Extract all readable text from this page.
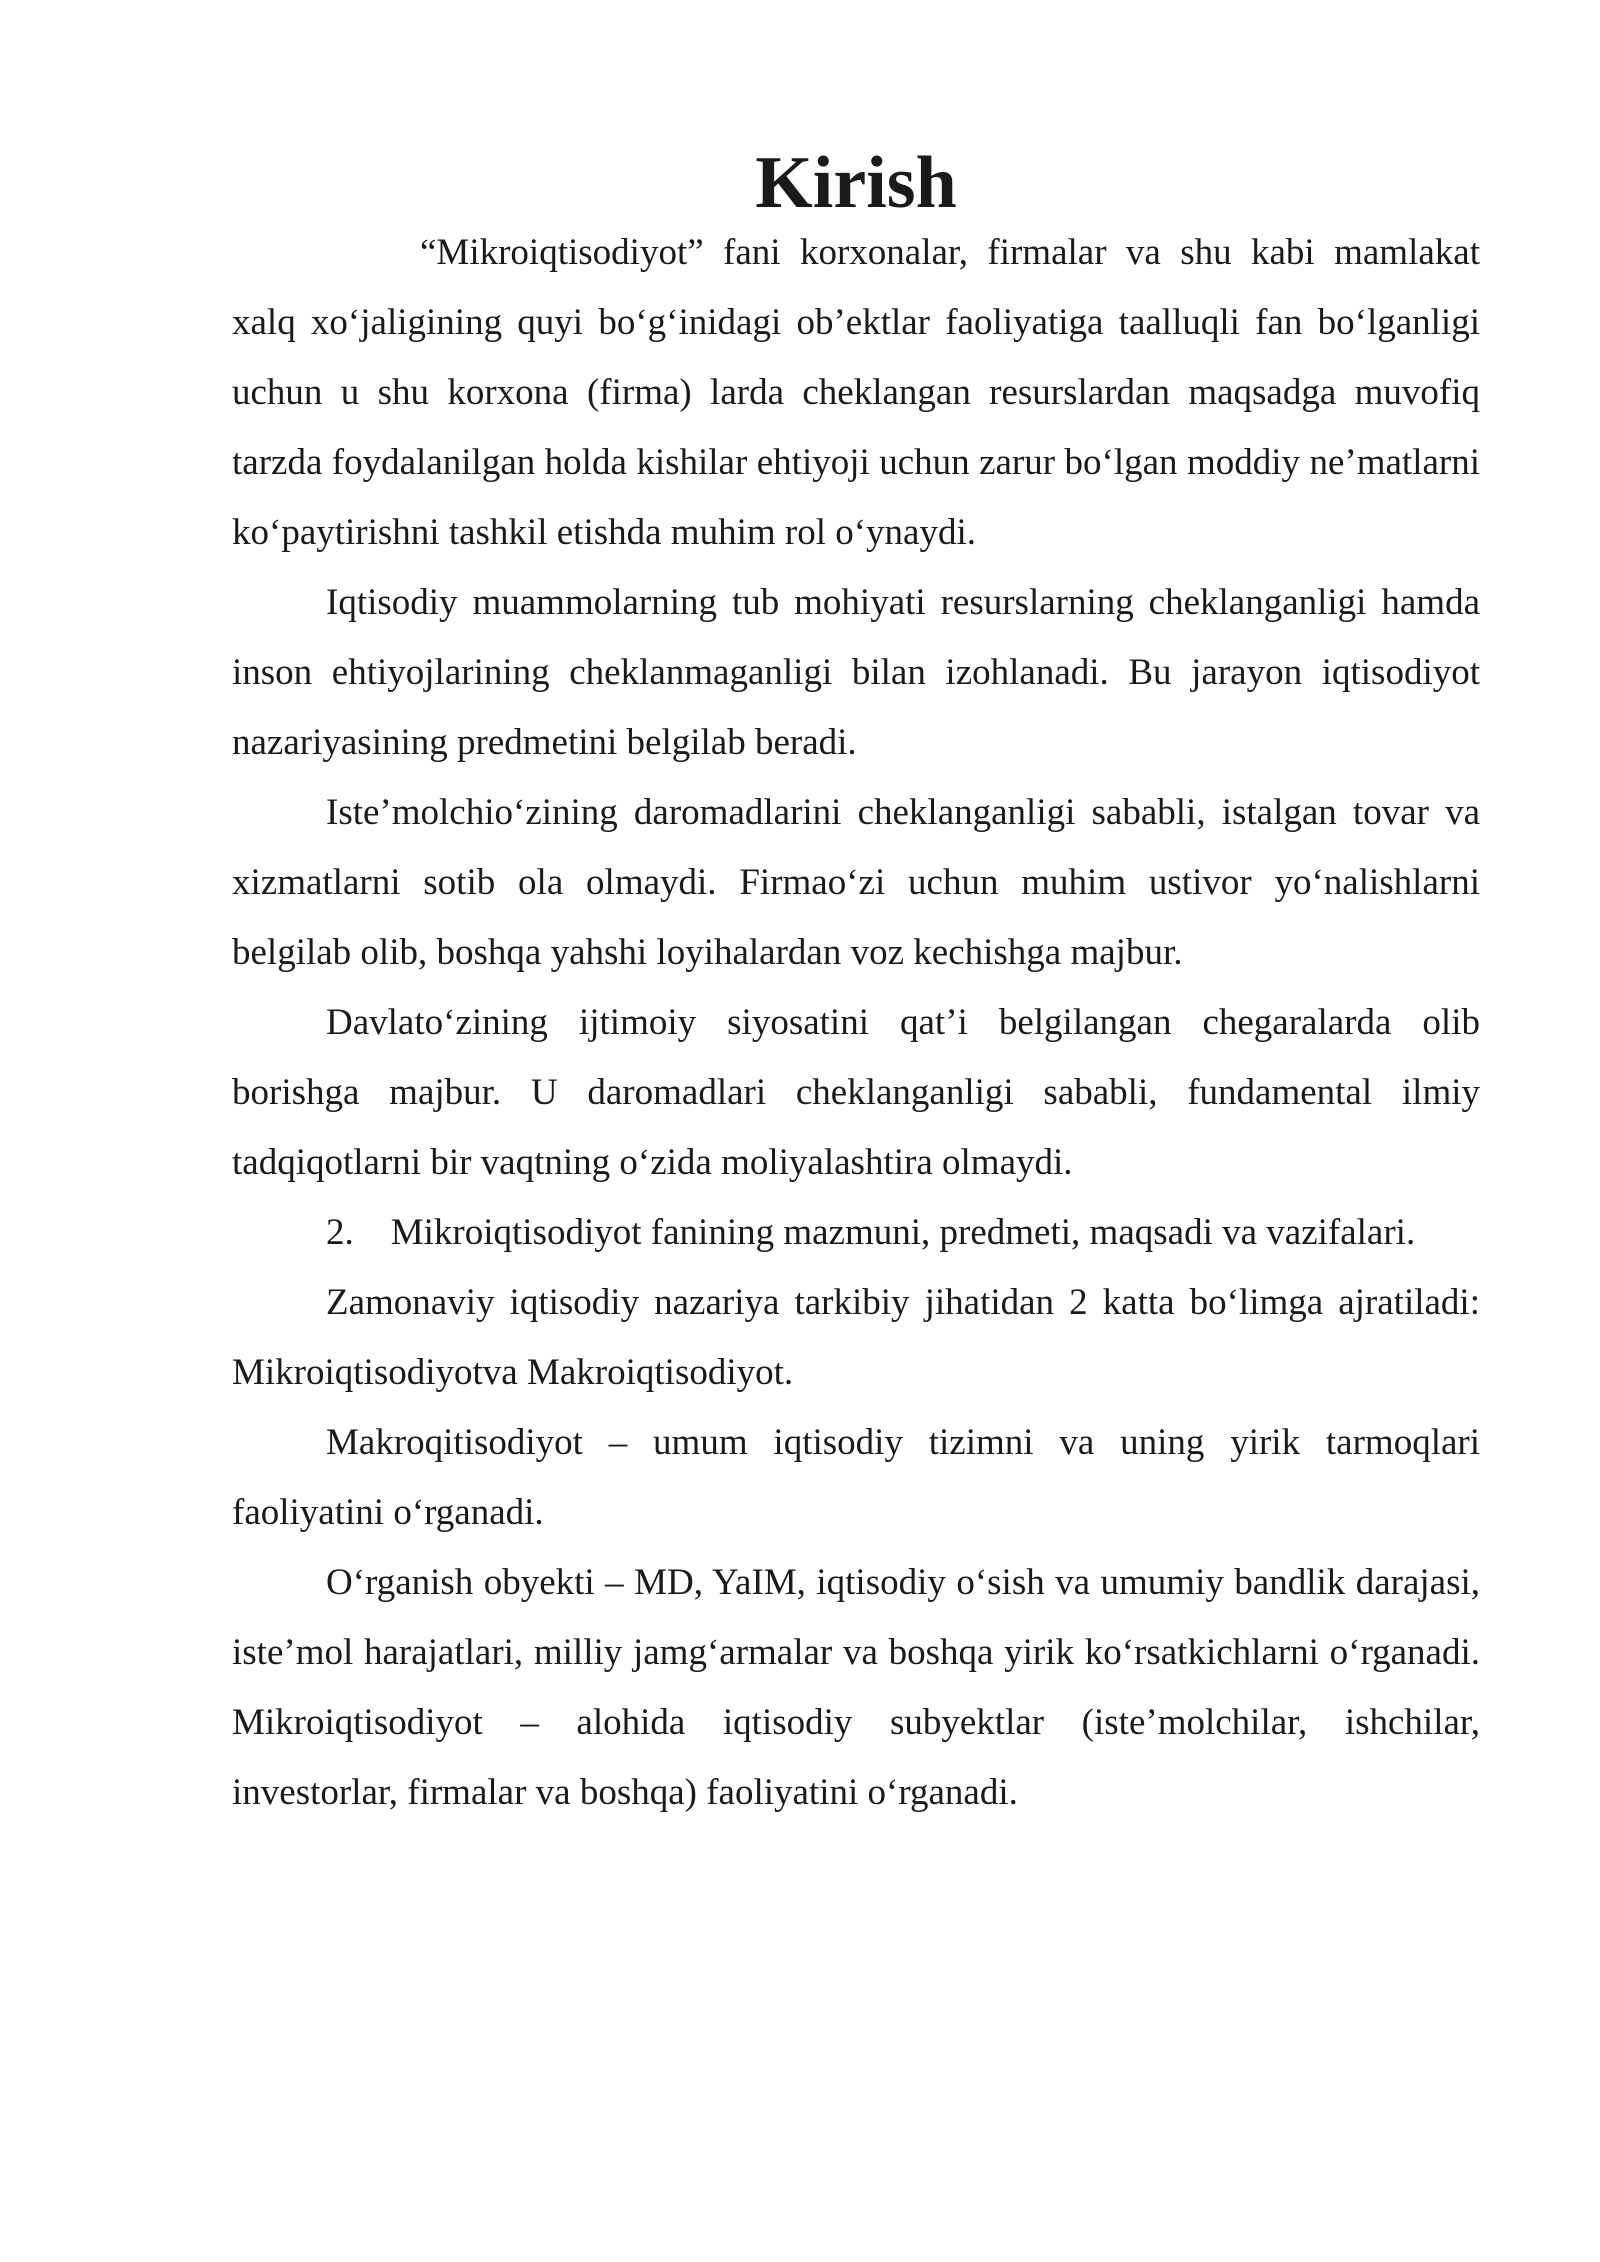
Kirish

“Mikroiqtisodiyot” fani korxonalar, firmalar va shu kabi mamlakat xalq xo‘jaligining quyi bo‘g‘inidagi ob’ektlar faoliyatiga taalluqli fan bo‘lganligi uchun u shu korxona (firma) larda cheklangan resurslardan maqsadga muvofiq tarzda foydalanilgan holda kishilar ehtiyoji uchun zarur bo‘lgan moddiy ne’matlarni ko‘paytirishni tashkil etishda muhim rol o‘ynaydi.

Iqtisodiy muammolarning tub mohiyati resurslarning cheklanganligi hamda inson ehtiyojlarining cheklanmaganligi bilan izohlanadi. Bu jarayon iqtisodiyot nazariyasining predmetini belgilab beradi.

Iste’molchio‘zining daromadlarini cheklanganligi sababli, istalgan tovar va xizmatlarni sotib ola olmaydi. Firmao‘zi uchun muhim ustivor yo‘nalishlarni belgilab olib, boshqa yahshi loyihalardan voz kechishga majbur.

Davlato‘zining ijtimoiy siyosatini qat’i belgilangan chegaralarda olib borishga majbur. U daromadlari cheklanganligi sababli, fundamental ilmiy tadqiqotlarni bir vaqtning o‘zida moliyalashtira olmaydi.

2.    Mikroiqtisodiyot fanining mazmuni, predmeti, maqsadi va vazifalari.

Zamonaviy iqtisodiy nazariya tarkibiy jihatidan 2 katta bo‘limga ajratiladi: Mikroiqtisodiyotva Makroiqtisodiyot.

Makroqitisodiyot – umum iqtisodiy tizimni va uning yirik tarmoqlari faoliyatini o‘rganadi.

O‘rganish obyekti – MD, YaIM, iqtisodiy o‘sish va umumiy bandlik darajasi, iste’mol harajatlari, milliy jamg‘armalar va boshqa yirik ko‘rsatkichlarni o‘rganadi. Mikroiqtisodiyot – alohida iqtisodiy subyektlar (iste’molchilar, ishchilar, investorlar, firmalar va boshqa) faoliyatini o‘rganadi.
